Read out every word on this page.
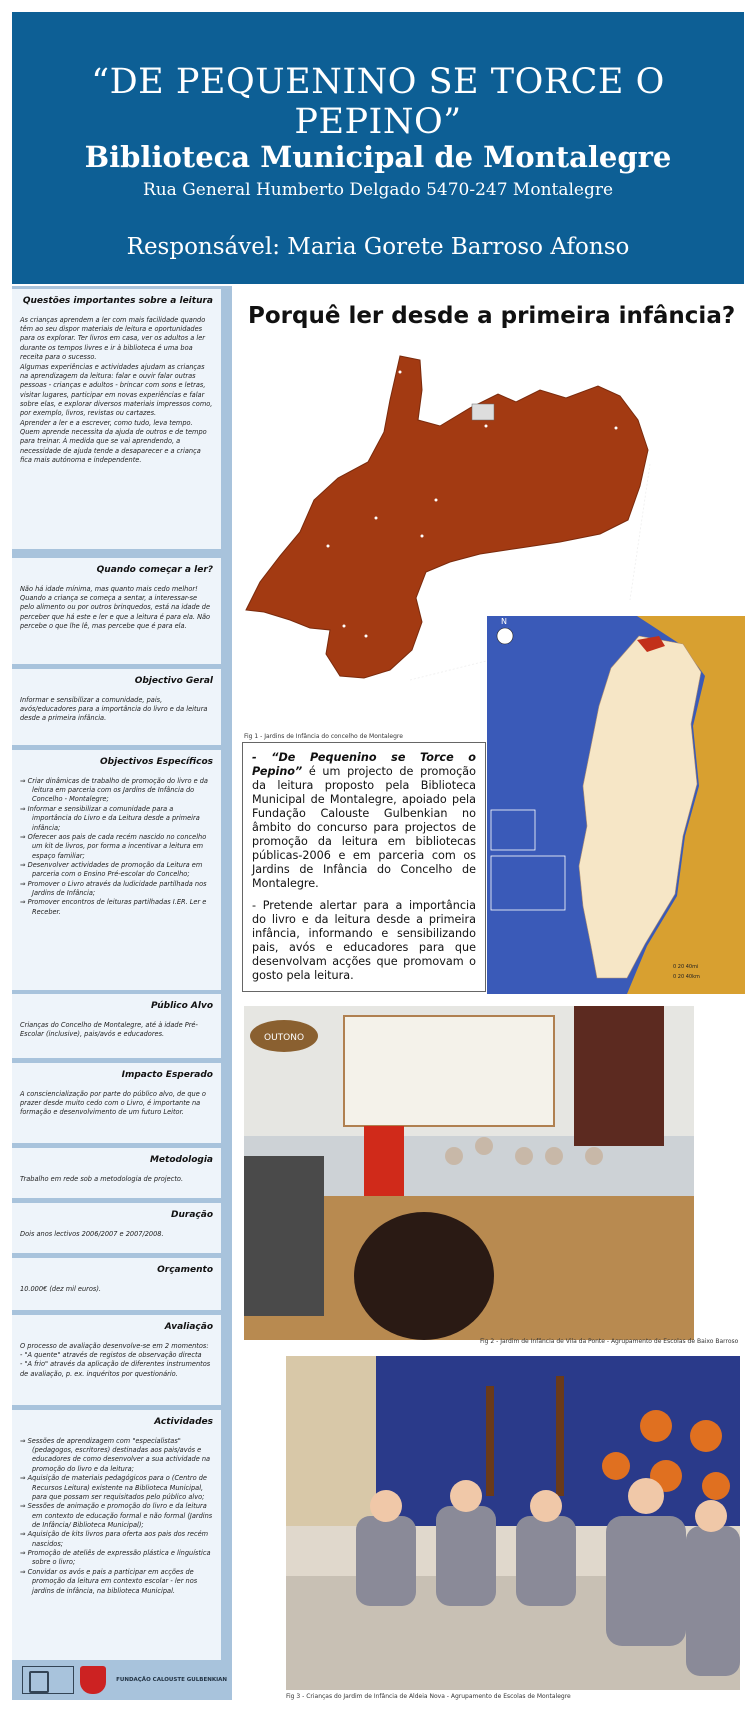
“DE PEQUENINO SE TORCE O PEPINO”
Biblioteca Municipal de Montalegre
Rua General Humberto Delgado 5470-247 Montalegre
Responsável: Maria Gorete Barroso Afonso
Questões importantes sobre a leitura

As crianças aprendem a ler com mais facilidade quando têm ao seu dispor materiais de leitura e oportunidades para os explorar. Ter livros em casa, ver os adultos a ler durante os tempos livres e ir à biblioteca é uma boa receita para o sucesso.

Algumas experiências e actividades ajudam as crianças na aprendizagem da leitura: falar e ouvir falar outras pessoas - crianças e adultos - brincar com sons e letras, visitar lugares, participar em novas experiências e falar sobre elas, e explorar diversos materiais impressos como, por exemplo, livros, revistas ou cartazes.

Aprender a ler e a escrever, como tudo, leva tempo. Quem aprende necessita da ajuda de outros e de tempo para treinar. À medida que se vai aprendendo, a necessidade de ajuda tende a desaparecer e a criança fica mais autónoma e independente.

Quando começar a ler?

Não há idade mínima, mas quanto mais cedo melhor! Quando a criança se começa a sentar, a interessar-se pelo alimento ou por outros brinquedos, está na idade de perceber que há este e ler e que a leitura é para ela. Não percebe o que lhe lê, mas percebe que é para ela.

Objectivo Geral

Informar e sensibilizar a comunidade, pais, avós/educadores para a importância do livro e da leitura desde a primeira infância.

Objectivos Específicos
⇒ Criar dinâmicas de trabalho de promoção do livro e da leitura em parceria com os Jardins de Infância do Concelho - Montalegre;
⇒ Informar e sensibilizar a comunidade para a importância do Livro e da Leitura desde a primeira infância;
⇒ Oferecer aos pais de cada recém nascido no concelho um kit de livros, por forma a incentivar a leitura em espaço familiar;
⇒ Desenvolver actividades de promoção da Leitura em parceria com o Ensino Pré-escolar do Concelho;
⇒ Promover o Livro através da ludicidade partilhada nos Jardins de Infância;
⇒ Promover encontros de leituras partilhadas I.ER. Ler e Receber.
Público Alvo

Crianças do Concelho de Montalegre, até à idade Pré-Escolar (inclusive), pais/avós e educadores.

Impacto Esperado

A consciencialização por parte do público alvo, de que o prazer desde muito cedo com o Livro, é importante na formação e desenvolvimento de um futuro Leitor.

Metodologia

Trabalho em rede sob a metodologia de projecto.

Duração

Dois anos lectivos 2006/2007 e 2007/2008.

Orçamento

10.000€ (dez mil euros).

Avaliação

O processo de avaliação desenvolve-se em 2 momentos:

- "A quente" através de registos de observação directa

- "A frio" através da aplicação de diferentes instrumentos de avaliação, p. ex. inquéritos por questionário.

Actividades
⇒ Sessões de aprendizagem com "especialistas" (pedagogos, escritores) destinadas aos pais/avós e educadores de como desenvolver a sua actividade na promoção do livro e da leitura;
⇒ Aquisição de materiais pedagógicos para o (Centro de Recursos Leitura) existente na Biblioteca Municipal, para que possam ser requisitados pelo público alvo;
⇒ Sessões de animação e promoção do livro e da leitura em contexto de educação formal e não formal (Jardins de Infância/ Biblioteca Municipal);
⇒ Aquisição de kits livros para oferta aos pais dos recém nascidos;
⇒ Promoção de ateliês de expressão plástica e linguística sobre o livro;
⇒ Convidar os avós e pais a participar em acções de promoção da leitura em contexto escolar - ler nos jardins de infância, na biblioteca Municipal.
FUNDAÇÃO CALOUSTE GULBENKIAN
Porquê ler desde a primeira infância?
Fig 1 - Jardins de Infância do concelho de Montalegre
N
0 20 40mi
0 20 40km

- “De Pequenino se Torce o Pepino” é um projecto de promoção da leitura proposto pela Biblioteca Municipal de Montalegre, apoiado pela Fundação Calouste Gulbenkian no âmbito do concurso para projectos de promoção da leitura em bibliotecas públicas-2006 e em parceria com os Jardins de Infância do Concelho de Montalegre.

- Pretende alertar para a importância do livro e da leitura desde a primeira infância, informando e sensibilizando pais, avós e educadores para que desenvolvam acções que promovam o gosto pela leitura.

OUTONO
Fig 2 - Jardim de Infância de Vila da Ponte - Agrupamento de Escolas de Baixo Barroso
Fig 3 - Crianças do Jardim de Infância de Aldeia Nova - Agrupamento de Escolas de Montalegre
